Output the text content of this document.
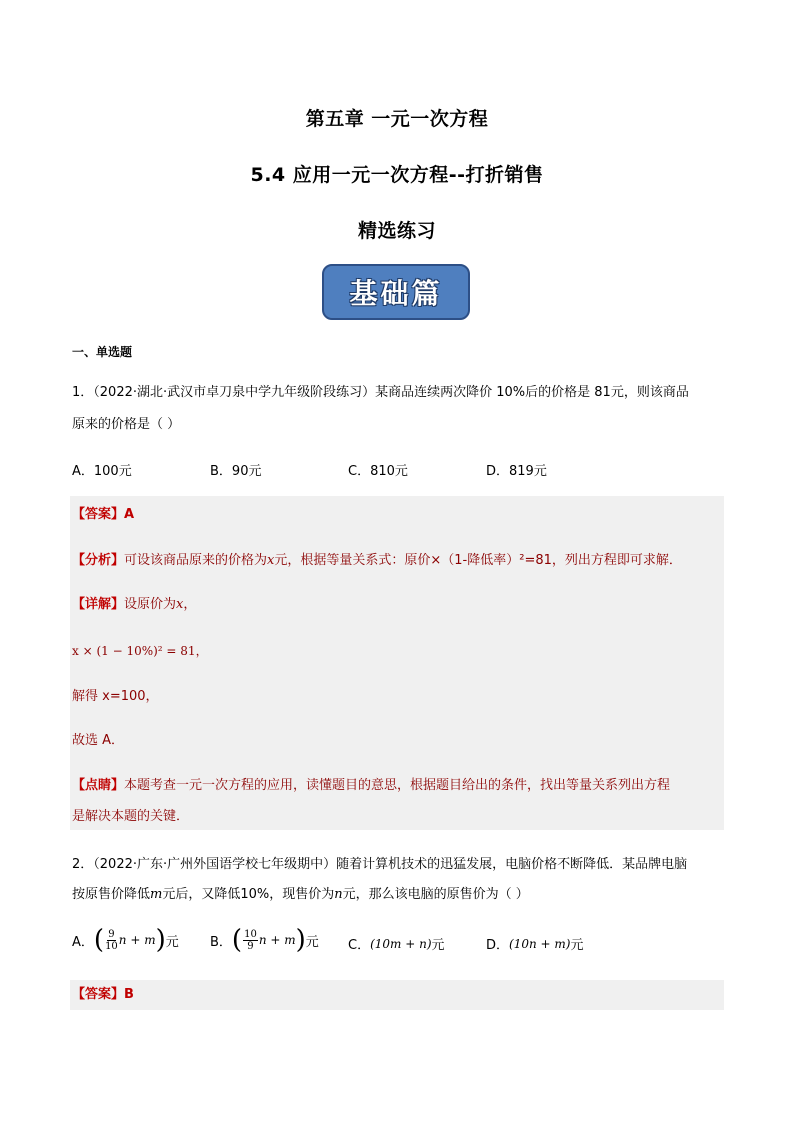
第五章 一元一次方程
5.4 应用一元一次方程--打折销售
精选练习
基础篇
一、单选题
1．（2022·湖北·武汉市卓刀泉中学九年级阶段练习）某商品连续两次降价 10%后的价格是 81元，则该商品
原来的价格是（ ）
A．100元	B．90元	C．810元	D．819元
【答案】A
【分析】可设该商品原来的价格为x元，根据等量关系式：原价×（1-降低率）²=81，列出方程即可求解．
【详解】设原价为x，
x × (1 − 10%)² = 81，
解得 x=100，
故选 A．
【点睛】本题考查一元一次方程的应用，读懂题目的意思，根据题目给出的条件，找出等量关系列出方程
是解决本题的关键．
2．（2022·广东·广州外国语学校七年级期中）随着计算机技术的迅猛发展，电脑价格不断降低．某品牌电脑
按原售价降低m元后，又降低10%，现售价为n元，那么该电脑的原售价为（ ）
A． ( $\frac{9}{10}$ n + m ) 元 B． ( $\frac{10}{9}$ n + m ) 元 C． (10m + n) 元	D． (10n + m) 元
【答案】B
